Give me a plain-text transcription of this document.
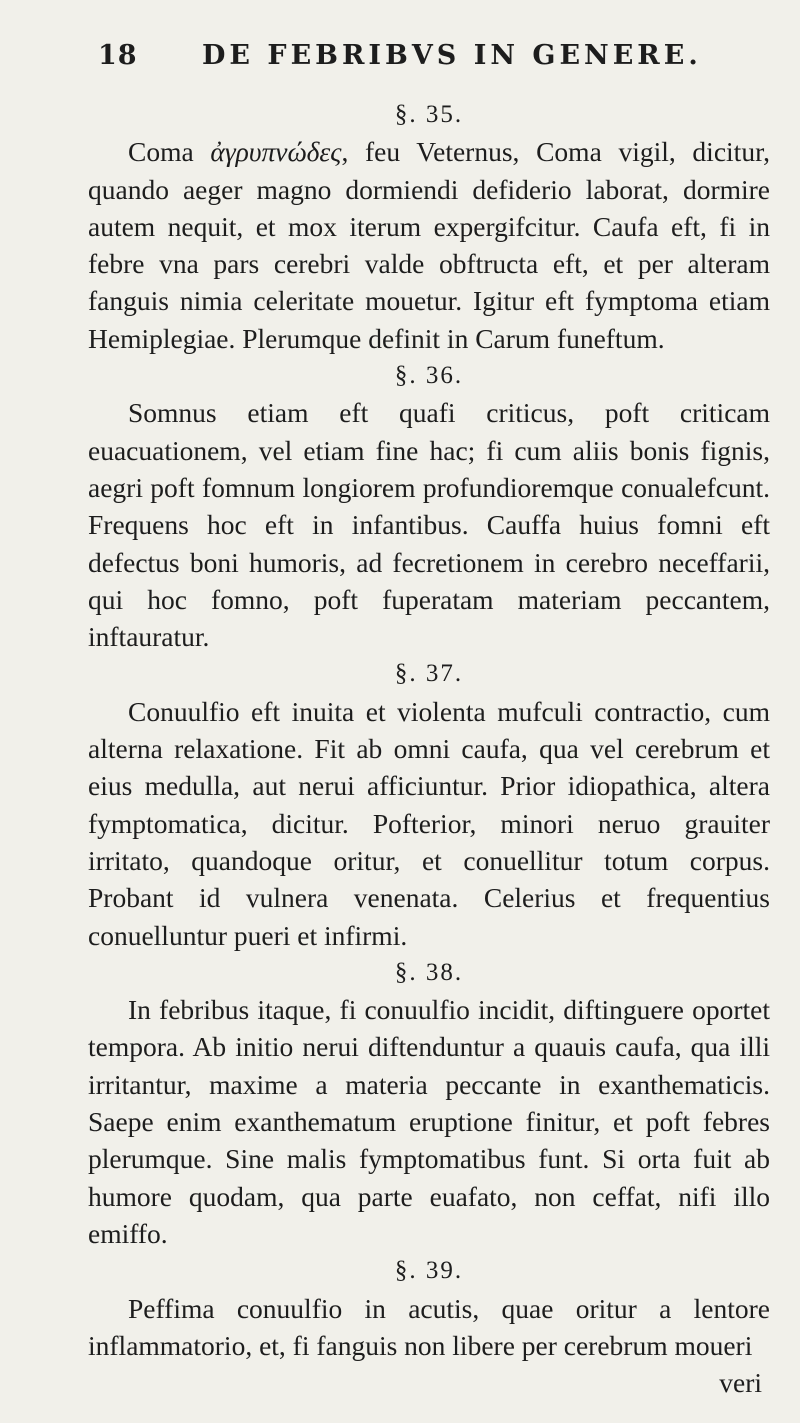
18 DE FEBRIBVS IN GENERE.
§. 35.

Coma ἀγρυπνώδες, feu Veternus, Coma vigil, dicitur, quando aeger magno dormiendi defiderio laborat, dormire autem nequit, et mox iterum expergifcitur. Caufa eft, fi in febre vna pars cerebri valde obftructa eft, et per alteram fanguis nimia celeritate mouetur. Igitur eft fymptoma etiam Hemiplegiae. Plerumque definit in Carum funeftum.

§. 36.

Somnus etiam eft quafi criticus, poft criticam euacuationem, vel etiam fine hac; fi cum aliis bonis fignis, aegri poft fomnum longiorem profundioremque conualefcunt. Frequens hoc eft in infantibus. Cauffa huius fomni eft defectus boni humoris, ad fecretionem in cerebro neceffarii, qui hoc fomno, poft fuperatam materiam peccantem, inftauratur.

§. 37.

Conuulfio eft inuita et violenta mufculi contractio, cum alterna relaxatione. Fit ab omni caufa, qua vel cerebrum et eius medulla, aut nerui afficiuntur. Prior idiopathica, altera fymptomatica, dicitur. Pofterior, minori neruo grauiter irritato, quandoque oritur, et conuellitur totum corpus. Probant id vulnera venenata. Celerius et frequentius conuelluntur pueri et infirmi.

§. 38.

In febribus itaque, fi conuulfio incidit, diftinguere oportet tempora. Ab initio nerui diftenduntur a quauis caufa, qua illi irritantur, maxime a materia peccante in exanthematicis. Saepe enim exanthematum eruptione finitur, et poft febres plerumque. Sine malis fymptomatibus funt. Si orta fuit ab humore quodam, qua parte euafato, non ceffat, nifi illo emiffo.

§. 39.

Peffima conuulfio in acutis, quae oritur a lentore inflammatorio, et, fi fanguis non libere per cerebrum moueri

veri
